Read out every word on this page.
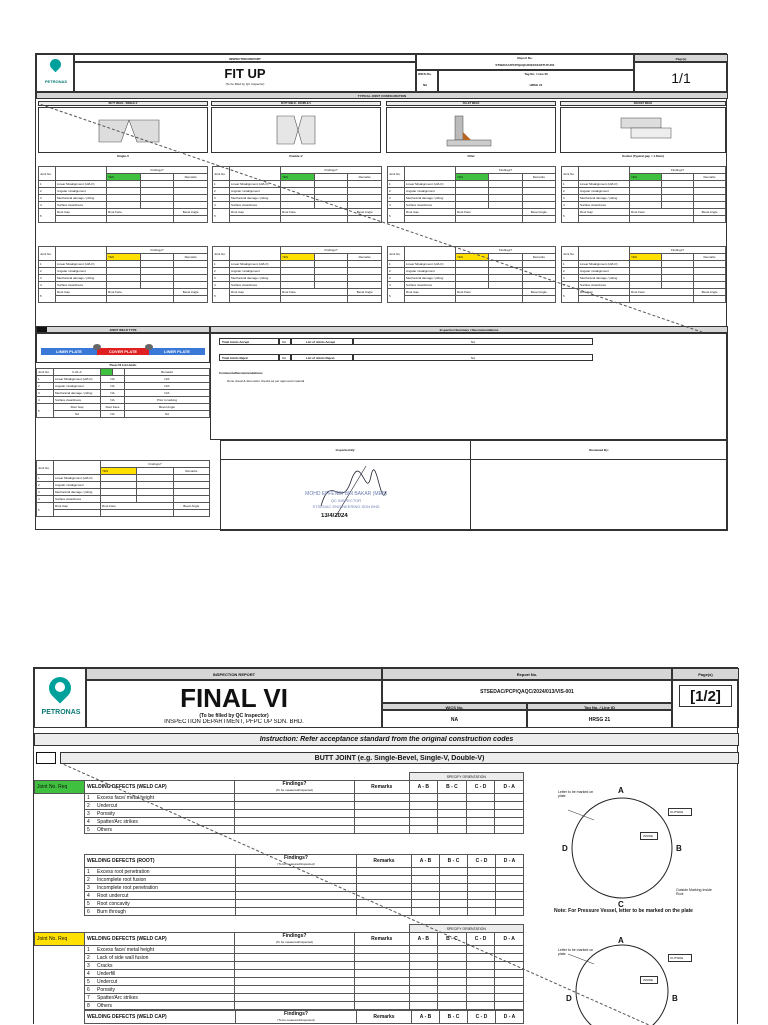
PETRONAS
INSPECTION REPORT
FIT UP
(To be filled by QC Inspector)
Report No.
STSEDAC/PCP/QAQC/2024/013/FTUP-001
WICS No.
NA
Tag No. / Line ID
HRSG 21
Page(s)
1/1
TYPICAL JOINT CONFIGURATION
BUTT WELD - SINGLE-V	BUTT WELD - DOUBLE-V	FILLET WELD	SOCKET WELD
Single-V	Double-V	Fillet	Socket (Typical gap = 1.6mm)
Joint No.		Findings?		
		YES		Remarks
1	Linear Misalignment (HI/LO)			
2	Angular misalignment			
3	Mechanical damage / pitting			
4	Surface cleanliness			
5	Root Gap	Root Face		Bevel Angle

Joint No.		Findings?		
		YES		Remarks
1	Linear Misalignment (HI/LO)			
2	Angular misalignment			
3	Mechanical damage / pitting			
4	Surface cleanliness			
5	Root Gap	Root Face		Bevel Angle

Joint No.		Findings?		
		YES		Remarks
1	Linear Misalignment (HI/LO)			
2	Angular misalignment			
3	Mechanical damage / pitting			
4	Surface cleanliness			
5	Root Gap	Root Face		Bevel Angle

Joint No.		Findings?		
		YES		Remarks
1	Linear Misalignment (HI/LO)			
2	Angular misalignment			
3	Mechanical damage / pitting			
4	Surface cleanliness			
5	Root Gap	Root Face		Bevel Angle

Joint No.		Findings?		
		YES		Remarks
1	Linear Misalignment (HI/LO)			
2	Angular misalignment			
3	Mechanical damage / pitting			
4	Surface cleanliness			
5	Root Gap	Root Face		Bevel Angle

Joint No.		Findings?		
		YES		Remarks
1	Linear Misalignment (HI/LO)			
2	Angular misalignment			
3	Mechanical damage / pitting			
4	Surface cleanliness			
5	Root Gap	Root Face		Bevel Angle

Joint No.		Findings?		
		YES		Remarks
1	Linear Misalignment (HI/LO)			
2	Angular misalignment			
3	Mechanical damage / pitting			
4	Surface cleanliness			
5	Root Gap	Root Face		Bevel Angle

Joint No.		Findings?		
		YES		Remarks
1	Linear Misalignment (HI/LO)			
2	Angular misalignment			
3	Mechanical damage / pitting			
4	Surface cleanliness			
5	Root Gap	Root Face		Bevel Angle

JOINT WELD TYPE
LINER PLATE	COVER PLATE	LINER PLATE
Please fill Joint details
Joint No.	F-01-A			Remarks
1	Linear Misalignment (HI/LO)	NA		N/A
2	Angular misalignment	NA		N/A
3	Mechanical damage / pitting	NA		N/A
4	Surface cleanliness	NA		Prior to tacking
5	Root Gap	Root Face		Bevel Angle
	NA	NA		NA
Joint No.		Findings?		
		YES		Remarks
1	Linear Misalignment (HI/LO)			
2	Angular misalignment			
3	Mechanical damage / pitting			
4	Surface cleanliness			
5	Root Gap	Root Face		Bevel Angle

Inspection Summary / Recommendations
Total Joints Accept	NA	List of Joints Accept	NA
Total Joints Reject	NA	List of Joints Reject	NA
Comments/Recommendations:
Done visual & dimension checks as per approved material
Inspected By:
MOHD EFFENDI BIN BAKAR (MEB)
QC INSPECTOR
STSEDAC ENGINEERING SDN BHD
13/4/2024
Reviewed By:
PETRONAS
INSPECTION REPORT
FINAL VI
(To be filled by QC Inspector)
INSPECTION DEPARTMENT, PFPC UP SDN. BHD.
Report No.
STSEDAC/PCP/QAQC/2024/013/VIS-001
WICS No.	Tag No. / Line ID
NA	HRSG 21
Page(s)
[1/2]
Instruction: Refer acceptance standard from the original construction codes
BUTT JOINT (e.g. Single-Bevel, Single-V, Double-V)
				SPECIFY ORIENTATION			
Joint No. Req	WELDING DEFECTS (WELD CAP)	Findings?
(To be measured/inspected)	Remarks	A - B	B - C	C - D	D - A
	1 Excess face/ metal height						
	2 Undercut						
	3 Porosity						
	4 Spatter/Arc strikes						
	5 Others						
	WELDING DEFECTS (ROOT)	Findings?
(To be measured/inspected)	Remarks	A - B	B - C	C - D	D - A
	1 Excess root penetration						
	2 Incomplete root fusion						
	3 Incomplete root penetration						
	4 Root undercut						
	5 Root concavity						
	6 Burn through						
				SPECIFY ORIENTATION			
Joint No. Req	WELDING DEFECTS (WELD CAP)	Findings?
(To be measured/inspected)	Remarks	A - B	B - C	C - D	D - A
	1 Excess face/ metal height						
	2 Lack of side wall fusion						
	3 Cracks						
	4 Underfill						
	5 Undercut						
	6 Porosity						
	7 Spatter/Arc strikes						
	8 Others						
	WELDING DEFECTS (WELD CAP)	Findings?
(To be measured/inspected)	Remarks	A - B	B - C	C - D	D - A
Letter to be marked on plate
A
B
C
D
OUTSIDE
INSIDE
Outside Marking Inside Root
Note: For Pressure Vessel, letter to be marked on the plate
Letter to be marked on plate
A
B
D
OUTSIDE
INSIDE
